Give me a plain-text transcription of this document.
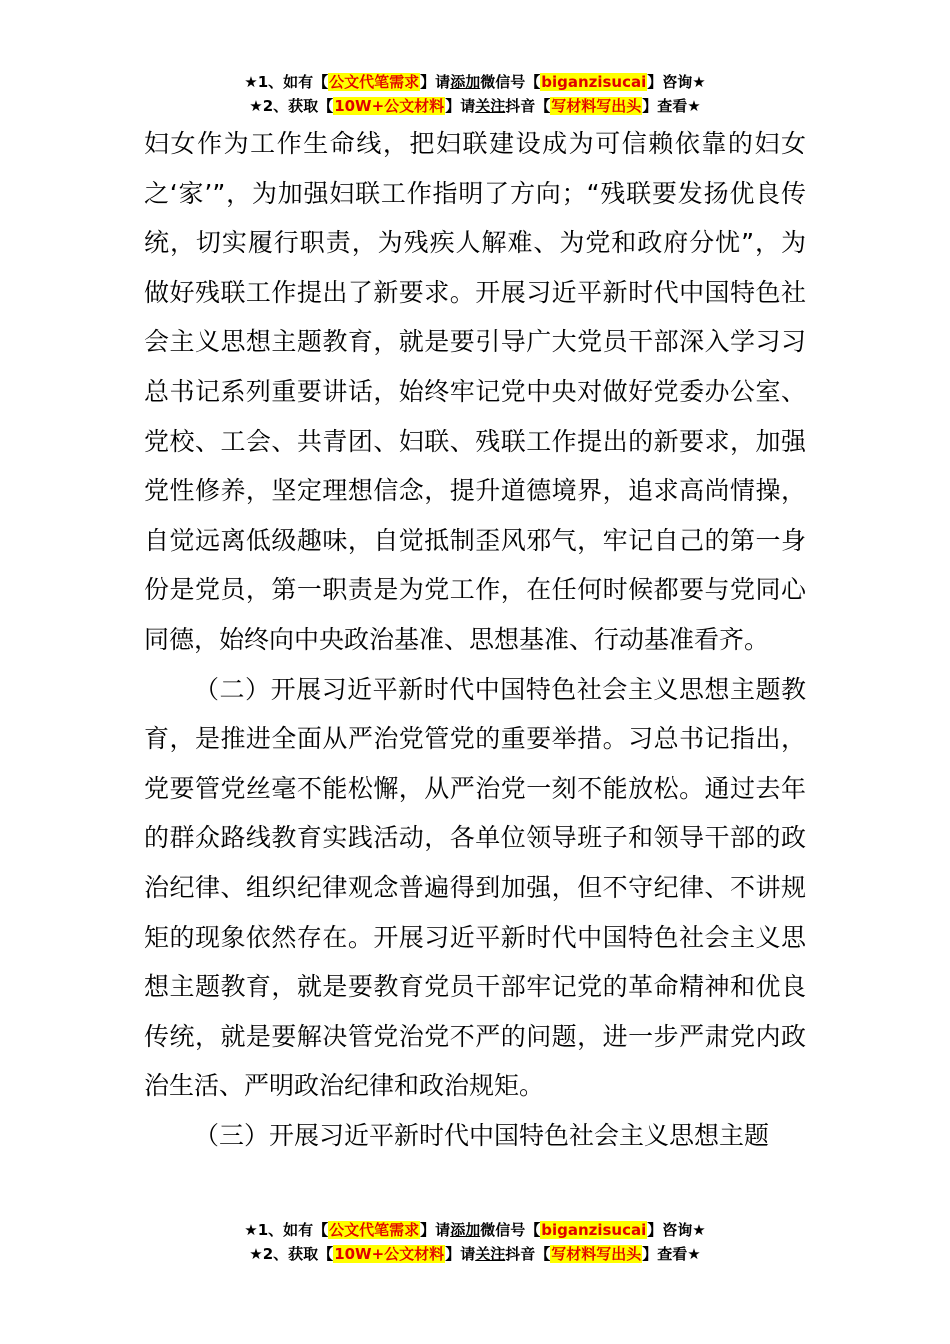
★1、如有【公文代笔需求】请添加微信号【biganzisucai】咨询★
★2、获取【10W+公文材料】请关注抖音【写材料写出头】查看★

妇女作为工作生命线，把妇联建设成为可信赖依靠的妇女之‘家’”，为加强妇联工作指明了方向；“残联要发扬优良传统，切实履行职责，为残疾人解难、为党和政府分忧”，为做好残联工作提出了新要求。开展习近平新时代中国特色社会主义思想主题教育，就是要引导广大党员干部深入学习习总书记系列重要讲话，始终牢记党中央对做好党委办公室、党校、工会、共青团、妇联、残联工作提出的新要求，加强党性修养，坚定理想信念，提升道德境界，追求高尚情操，自觉远离低级趣味，自觉抵制歪风邪气，牢记自己的第一身份是党员，第一职责是为党工作，在任何时候都要与党同心同德，始终向中央政治基准、思想基准、行动基准看齐。

（二）开展习近平新时代中国特色社会主义思想主题教育，是推进全面从严治党管党的重要举措。习总书记指出，党要管党丝毫不能松懈，从严治党一刻不能放松。通过去年的群众路线教育实践活动，各单位领导班子和领导干部的政治纪律、组织纪律观念普遍得到加强，但不守纪律、不讲规矩的现象依然存在。开展习近平新时代中国特色社会主义思想主题教育，就是要教育党员干部牢记党的革命精神和优良传统，就是要解决管党治党不严的问题，进一步严肃党内政治生活、严明政治纪律和政治规矩。

（三）开展习近平新时代中国特色社会主义思想主题

★1、如有【公文代笔需求】请添加微信号【biganzisucai】咨询★
★2、获取【10W+公文材料】请关注抖音【写材料写出头】查看★
